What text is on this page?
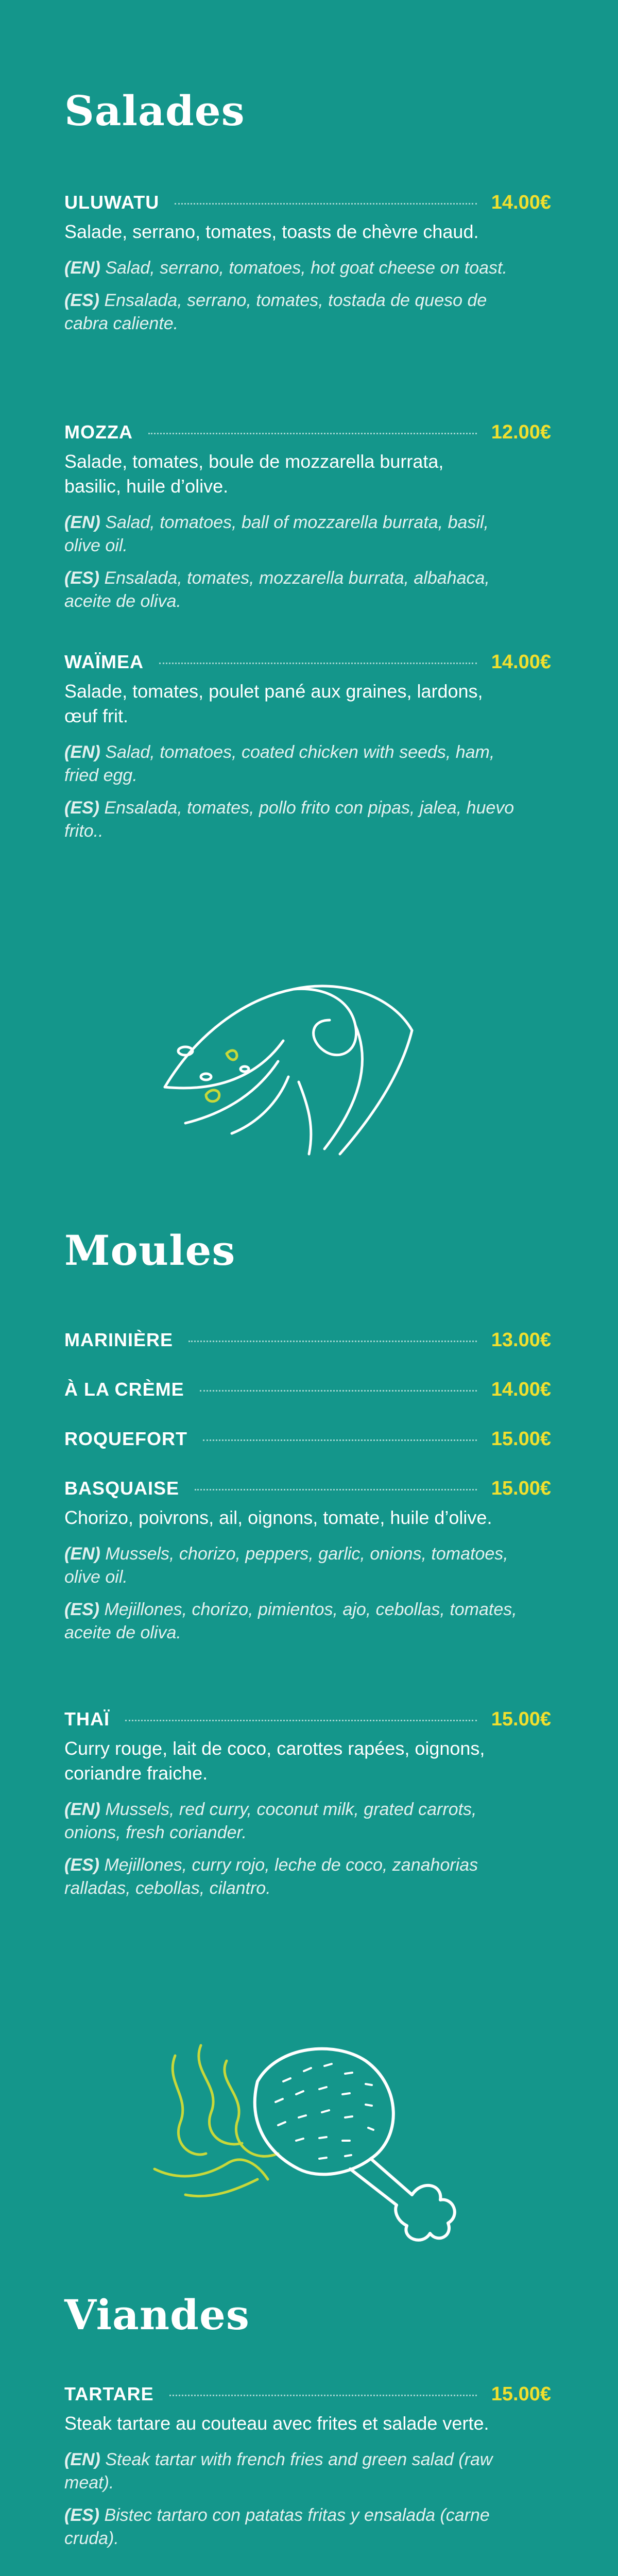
Salades
ULUWATU	14.00€

Salade, serrano, tomates, toasts de chèvre chaud.

(EN) Salad, serrano, tomatoes, hot goat cheese on toast.

(ES) Ensalada, serrano, tomates, tostada de queso de cabra caliente.

MOZZA	12.00€

Salade, tomates, boule de mozzarella burrata, basilic, huile d’olive.

(EN) Salad, tomatoes, ball of mozzarella burrata, basil, olive oil.

(ES) Ensalada, tomates, mozzarella burrata, albahaca, aceite de oliva.

WAÏMEA	14.00€

Salade, tomates, poulet pané aux graines, lardons, œuf frit.

(EN) Salad, tomatoes, coated chicken with seeds, ham, fried egg.

(ES) Ensalada, tomates, pollo frito con pipas, jalea, huevo frito..

Moules
MARINIÈRE	13.00€
À LA CRÈME	14.00€
ROQUEFORT	15.00€
BASQUAISE	15.00€

Chorizo, poivrons, ail, oignons, tomate, huile d’olive.

(EN) Mussels, chorizo, peppers, garlic, onions, tomatoes, olive oil.

(ES) Mejillones, chorizo, pimientos, ajo, cebollas, tomates, aceite de oliva.

THAÏ	15.00€

Curry rouge, lait de coco, carottes rapées, oignons, coriandre fraiche.

(EN) Mussels, red curry, coconut milk, grated carrots, onions, fresh coriander.

(ES) Mejillones, curry rojo, leche de coco, zanahorias ralladas, cebollas, cilantro.

Viandes
TARTARE	15.00€

Steak tartare au couteau avec frites et salade verte.

(EN) Steak tartar with french fries and green salad (raw meat).

(ES) Bistec tartaro con patatas fritas y ensalada (carne cruda).
